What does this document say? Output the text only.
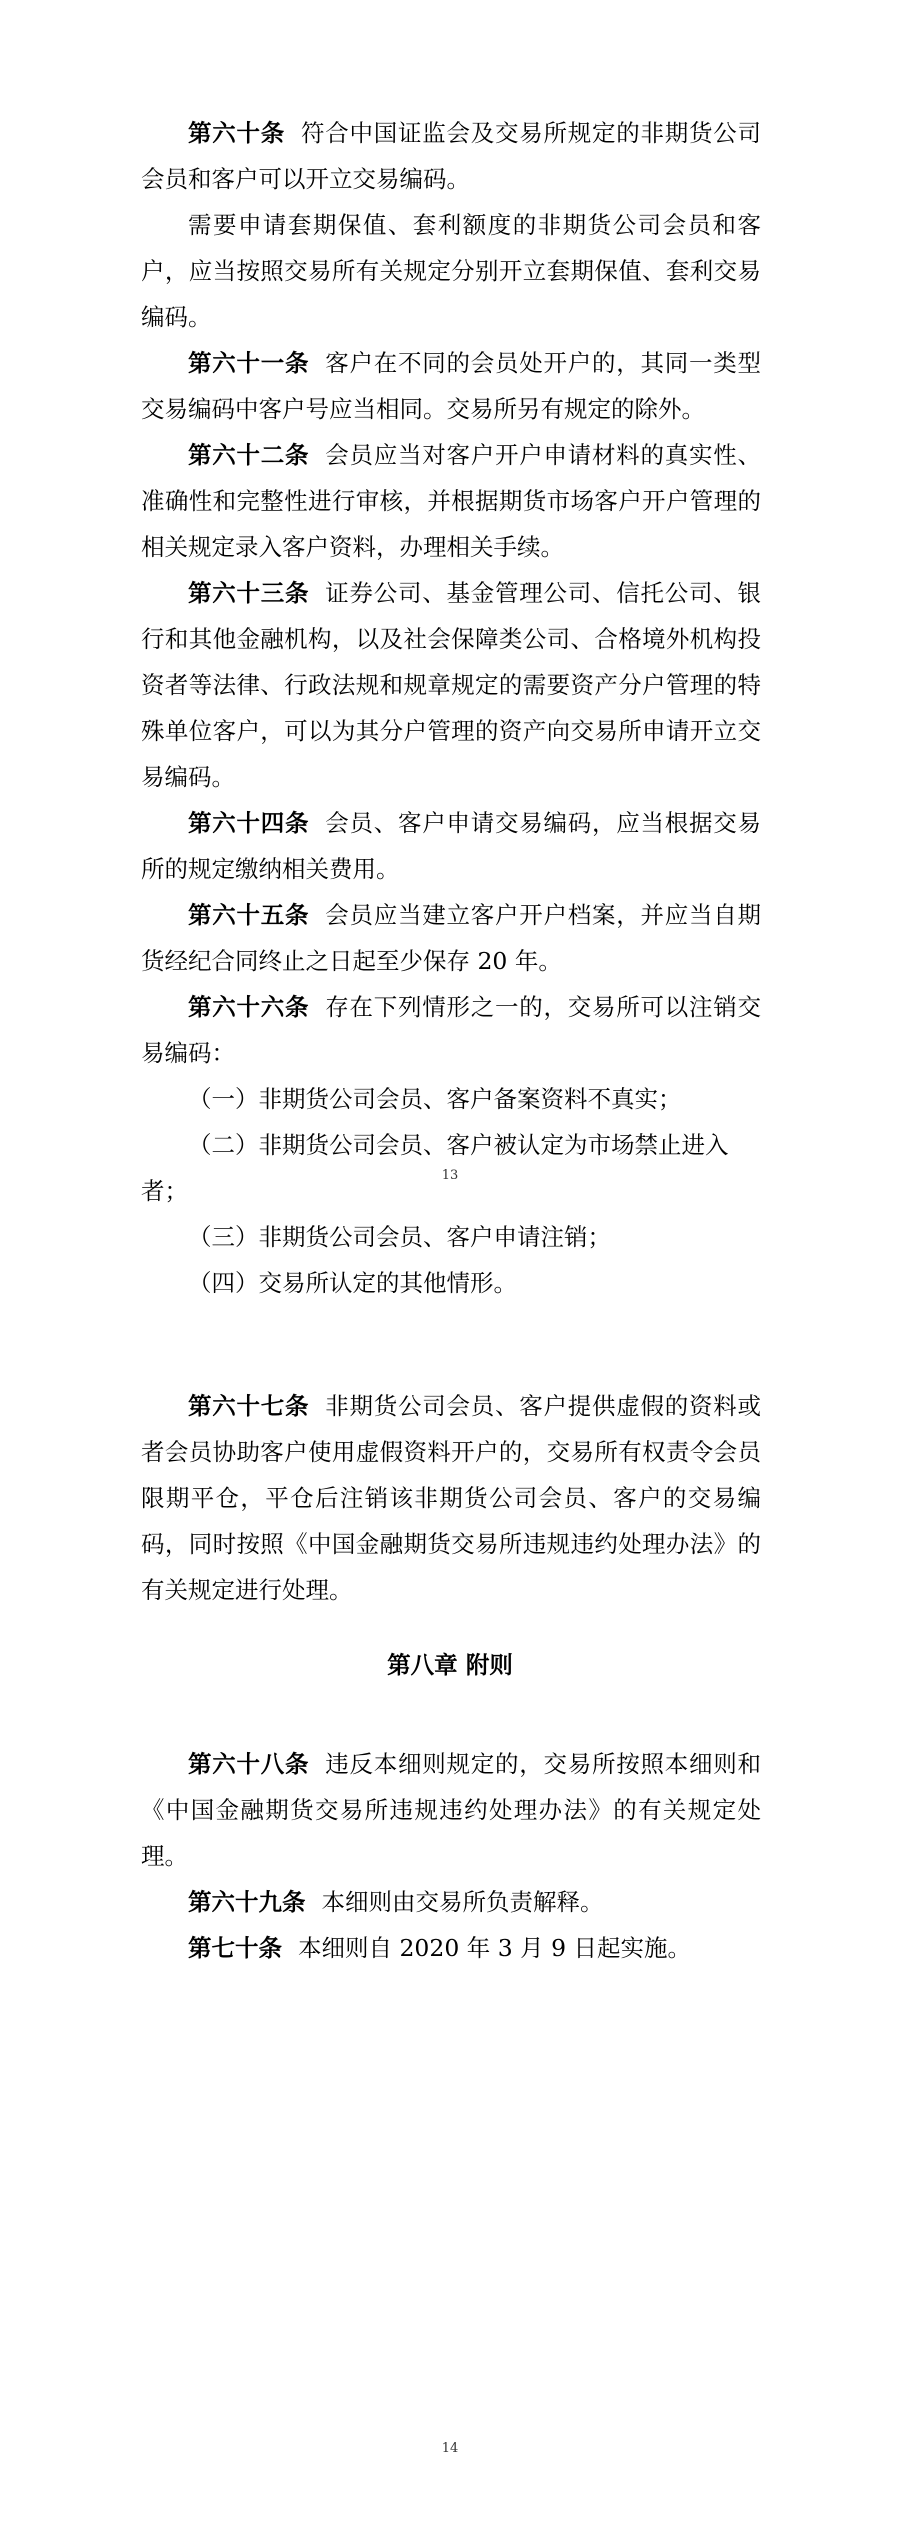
第六十条 符合中国证监会及交易所规定的非期货公司会员和客户可以开立交易编码。

需要申请套期保值、套利额度的非期货公司会员和客户，应当按照交易所有关规定分别开立套期保值、套利交易编码。

第六十一条 客户在不同的会员处开户的，其同一类型交易编码中客户号应当相同。交易所另有规定的除外。

第六十二条 会员应当对客户开户申请材料的真实性、准确性和完整性进行审核，并根据期货市场客户开户管理的相关规定录入客户资料，办理相关手续。

第六十三条 证券公司、基金管理公司、信托公司、银行和其他金融机构，以及社会保障类公司、合格境外机构投资者等法律、行政法规和规章规定的需要资产分户管理的特殊单位客户，可以为其分户管理的资产向交易所申请开立交易编码。

第六十四条 会员、客户申请交易编码，应当根据交易所的规定缴纳相关费用。

第六十五条 会员应当建立客户开户档案，并应当自期货经纪合同终止之日起至少保存 20 年。

第六十六条 存在下列情形之一的，交易所可以注销交易编码：

（一）非期货公司会员、客户备案资料不真实；

（二）非期货公司会员、客户被认定为市场禁止进入者；

（三）非期货公司会员、客户申请注销；

（四）交易所认定的其他情形。

13

第六十七条 非期货公司会员、客户提供虚假的资料或者会员协助客户使用虚假资料开户的，交易所有权责令会员限期平仓，平仓后注销该非期货公司会员、客户的交易编码，同时按照《中国金融期货交易所违规违约处理办法》的有关规定进行处理。

第八章 附则

第六十八条 违反本细则规定的，交易所按照本细则和《中国金融期货交易所违规违约处理办法》的有关规定处理。

第六十九条 本细则由交易所负责解释。

第七十条 本细则自 2020 年 3 月 9 日起实施。

14
